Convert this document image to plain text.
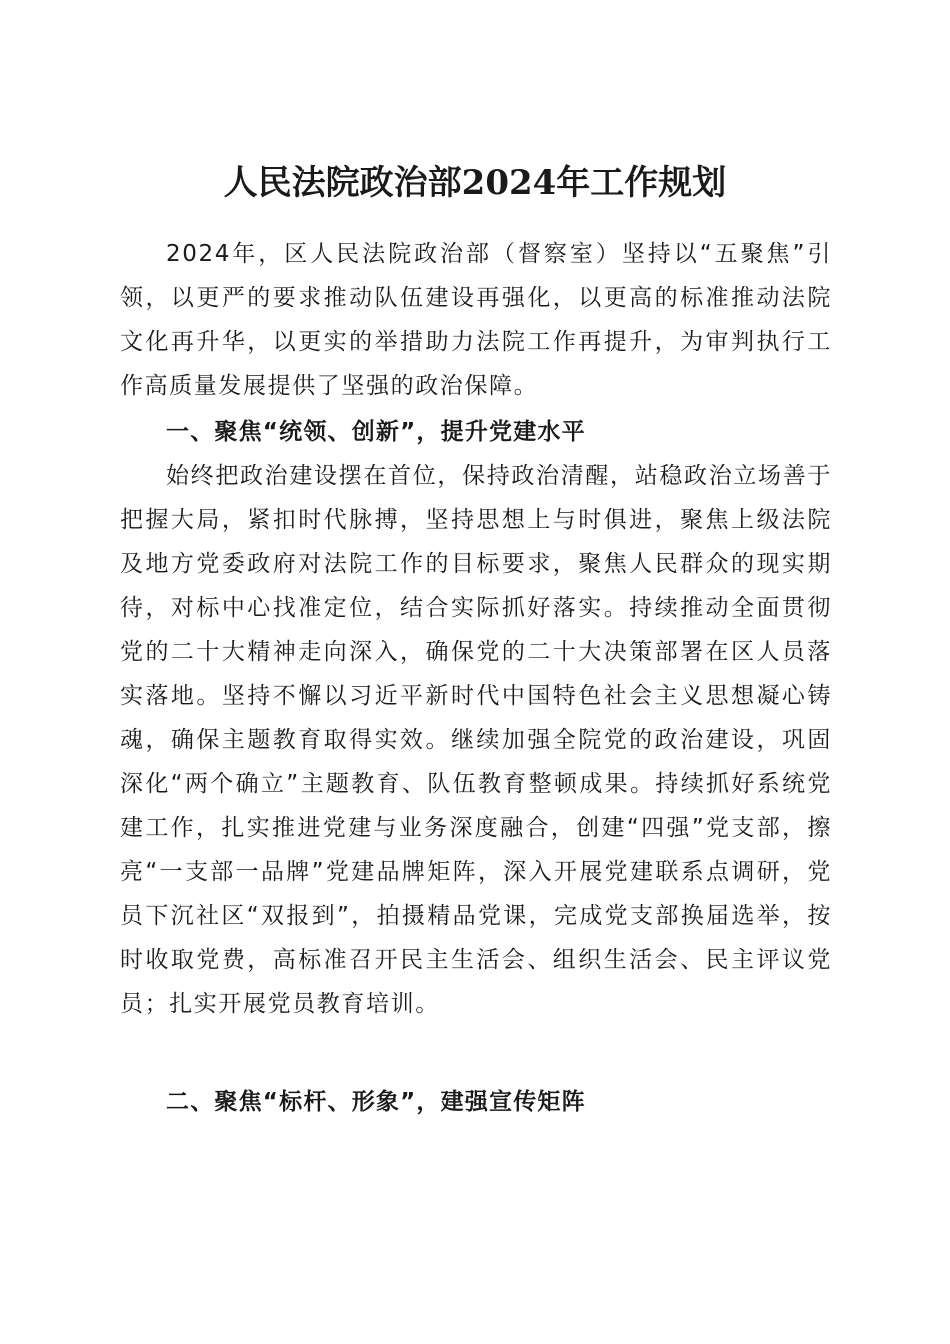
人民法院政治部2024年工作规划

2024年，区人民法院政治部（督察室）坚持以“五聚焦”引领，以更严的要求推动队伍建设再强化，以更高的标准推动法院文化再升华，以更实的举措助力法院工作再提升，为审判执行工作高质量发展提供了坚强的政治保障。

一、聚焦“统领、创新”，提升党建水平

始终把政治建设摆在首位，保持政治清醒，站稳政治立场善于把握大局，紧扣时代脉搏，坚持思想上与时俱进，聚焦上级法院及地方党委政府对法院工作的目标要求，聚焦人民群众的现实期待，对标中心找准定位，结合实际抓好落实。持续推动全面贯彻党的二十大精神走向深入，确保党的二十大决策部署在区人员落实落地。坚持不懈以习近平新时代中国特色社会主义思想凝心铸魂，确保主题教育取得实效。继续加强全院党的政治建设，巩固深化“两个确立”主题教育、队伍教育整顿成果。持续抓好系统党建工作，扎实推进党建与业务深度融合，创建“四强”党支部，擦亮“一支部一品牌”党建品牌矩阵，深入开展党建联系点调研，党员下沉社区“双报到”，拍摄精品党课，完成党支部换届选举，按时收取党费，高标准召开民主生活会、组织生活会、民主评议党员；扎实开展党员教育培训。

二、聚焦“标杆、形象”，建强宣传矩阵
